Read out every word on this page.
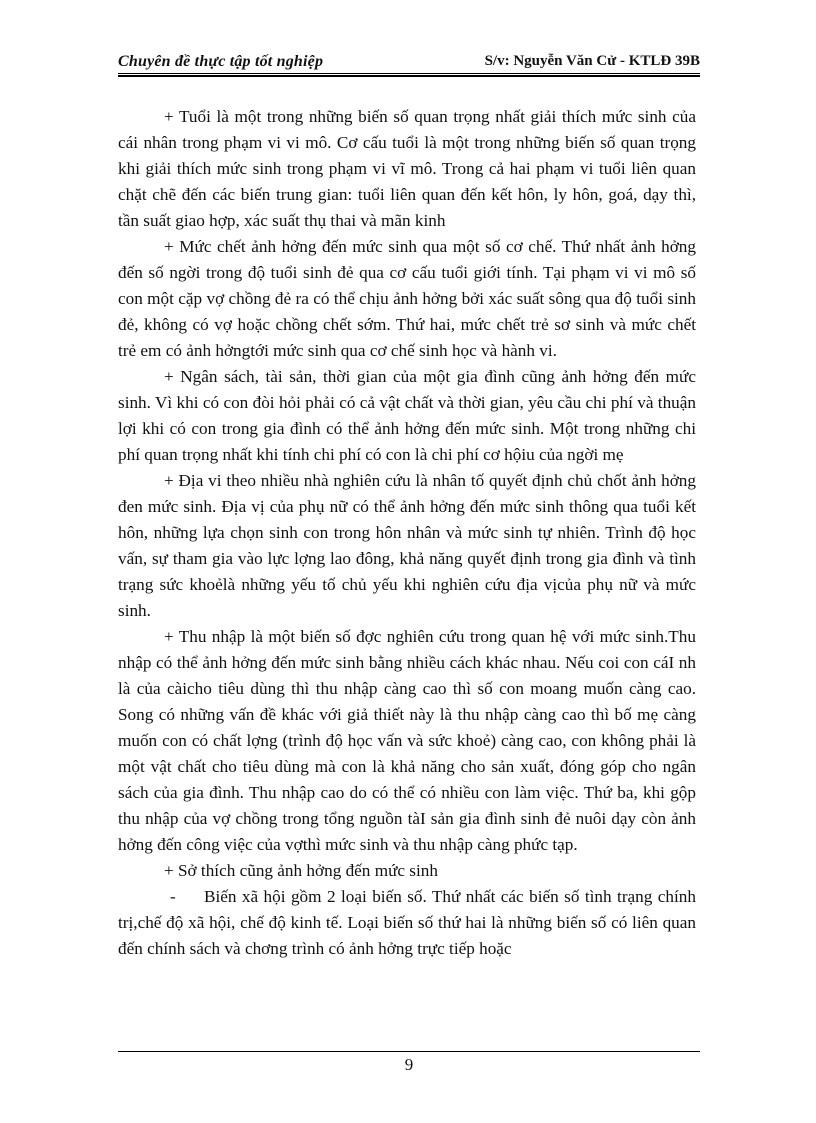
Chuyên đề thực tập tốt nghiệp	S/v: Nguyễn Văn Cử - KTLĐ 39B

+ Tuổi là một trong những biến số quan trọng nhất giải thích mức sinh của cái nhân trong phạm vi vi mô. Cơ cấu tuổi là một trong những biến số quan trọng khi giải thích mức sinh trong phạm vi vĩ mô. Trong cả hai phạm vi tuổi liên quan chặt chẽ đến các biến trung gian: tuổi liên quan đến kết hôn, ly hôn, goá, dạy thì, tần suất giao hợp, xác suất thụ thai và mãn kinh

+ Mức chết ảnh hởng đến mức sinh qua một số cơ chế. Thứ nhất ảnh hởng đến số ngời trong độ tuổi sinh đẻ qua cơ cấu tuổi giới tính. Tại phạm vi vi mô số con một cặp vợ chồng đẻ ra có thể chịu ảnh hởng bởi xác suất sông qua độ tuổi sinh đẻ, không có vợ hoặc chồng chết sớm. Thứ hai, mức chết trẻ sơ sinh và mức chết trẻ em có ảnh hởngtới mức sinh qua cơ chế sinh học và hành vi.

+ Ngân sách, tài sản, thời gian của một gia đình cũng ảnh hởng đến mức sinh. Vì khi có con đòi hỏi phải có cả vật chất và thời gian, yêu cầu chi phí và thuận lợi khi có con trong gia đình có thể ảnh hởng đến mức sinh. Một trong những chi phí quan trọng nhất khi tính chi phí có con là chi phí cơ hộiu của ngời mẹ

+ Địa vi theo nhiều nhà nghiên cứu là nhân tố quyết định chủ chốt ảnh hởng đen mức sinh. Địa vị của phụ nữ có thể ảnh hởng đến mức sinh thông qua tuổi kết hôn, những lựa chọn sinh con trong hôn nhân và mức sinh tự nhiên. Trình độ học vấn, sự tham gia vào lực lợng lao đông, khả năng quyết định trong gia đình và tình trạng sức khoẻlà những yếu tố chủ yếu khi nghiên cứu địa vịcủa phụ nữ và mức sinh.

+ Thu nhập là một biến số đợc nghiên cứu trong quan hệ với mức sinh.Thu nhập có thể ảnh hởng đến mức sinh bằng nhiều cách khác nhau. Nếu coi con cáI nh là của càicho tiêu dùng thì thu nhập càng cao thì số con moang muốn càng cao. Song có những vấn đề khác với giả thiết này là thu nhập càng cao thì bố mẹ càng muốn con có chất lợng (trình độ học vấn và sức khoẻ) càng cao, con không phải là một vật chất cho tiêu dùng mà con là khả năng cho sản xuất, đóng góp cho ngân sách của gia đình. Thu nhập cao do có thể có nhiều con làm việc. Thứ ba, khi gộp thu nhập của vợ chồng trong tổng nguồn tàI sản gia đình sinh đẻ nuôi dạy còn ảnh hởng đến công việc của vợthì mức sinh và thu nhập càng phức tạp.

+ Sở thích cũng ảnh hởng đến mức sinh

- Biến xã hội gồm 2 loại biến số. Thứ nhất các biến số tình trạng chính trị,chế độ xã hội, chế độ kinh tế. Loại biến số thứ hai là những biến số có liên quan đến chính sách và chơng trình có ảnh hởng trực tiếp hoặc

9
